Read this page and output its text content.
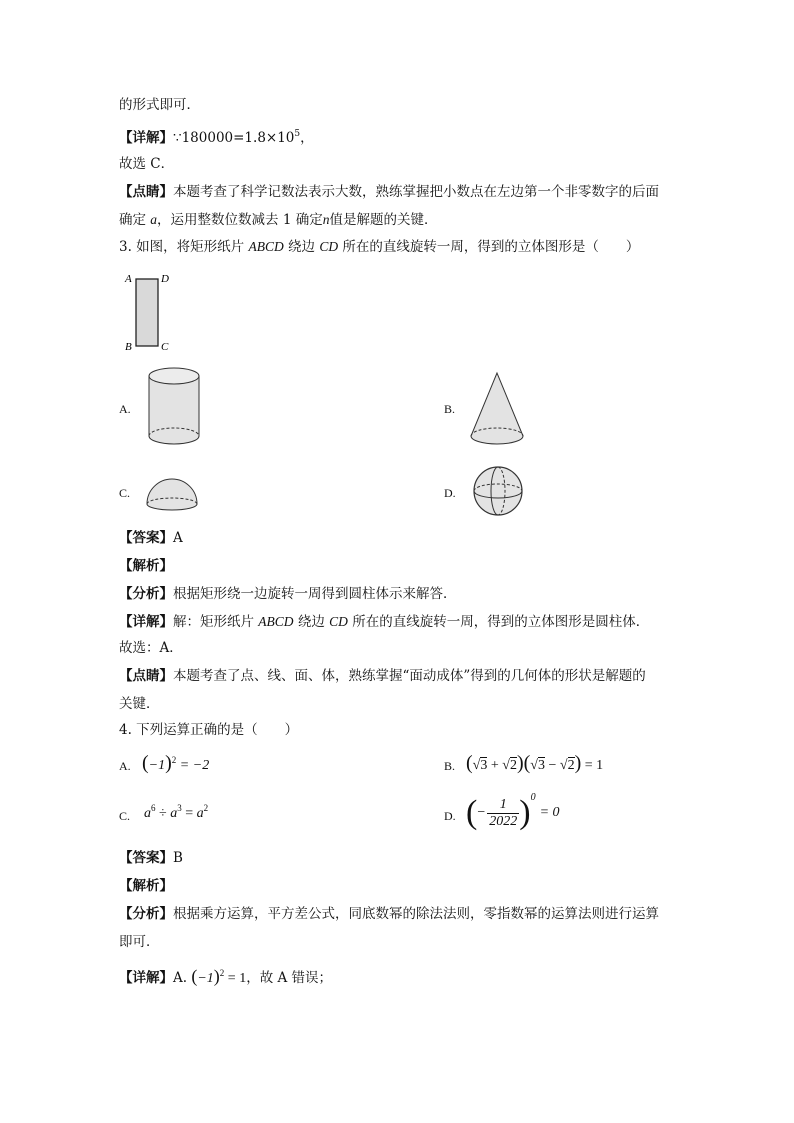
的形式即可．
【详解】$\because 180000=1.8\times 10^5$，
故选 C．
【点睛】本题考查了科学记数法表示大数，熟练掌握把小数点在左边第一个非零数字的后面
确定 a，运用整数位数减去 1 确定n值是解题的关键．
3. 如图，将矩形纸片 ABCD 绕边 CD 所在的直线旋转一周，得到的立体图形是（　　）
A	D
B	C
A.	B.
C.	D.
【答案】A
【解析】
【分析】根据矩形绕一边旋转一周得到圆柱体示来解答．
【详解】解：矩形纸片 ABCD 绕边 CD 所在的直线旋转一周，得到的立体图形是圆柱体．
故选：A．
【点睛】本题考查了点、线、面、体，熟练掌握“面动成体”得到的几何体的形状是解题的
关键．
4. 下列运算正确的是（　　）
A. $(-1)^2 = -2$	B. (√3 + √2)(√3 − √2) = 1
C. $a^6 \div a^3 = a^2$
D. ( − $\frac{1}{2022}$ ) 0
= 0
【答案】B
【解析】
【分析】根据乘方运算，平方差公式，同底数幂的除法法则，零指数幂的运算法则进行运算
即可．
【详解】A. $(-1)^2 = 1$，故 A 错误；
